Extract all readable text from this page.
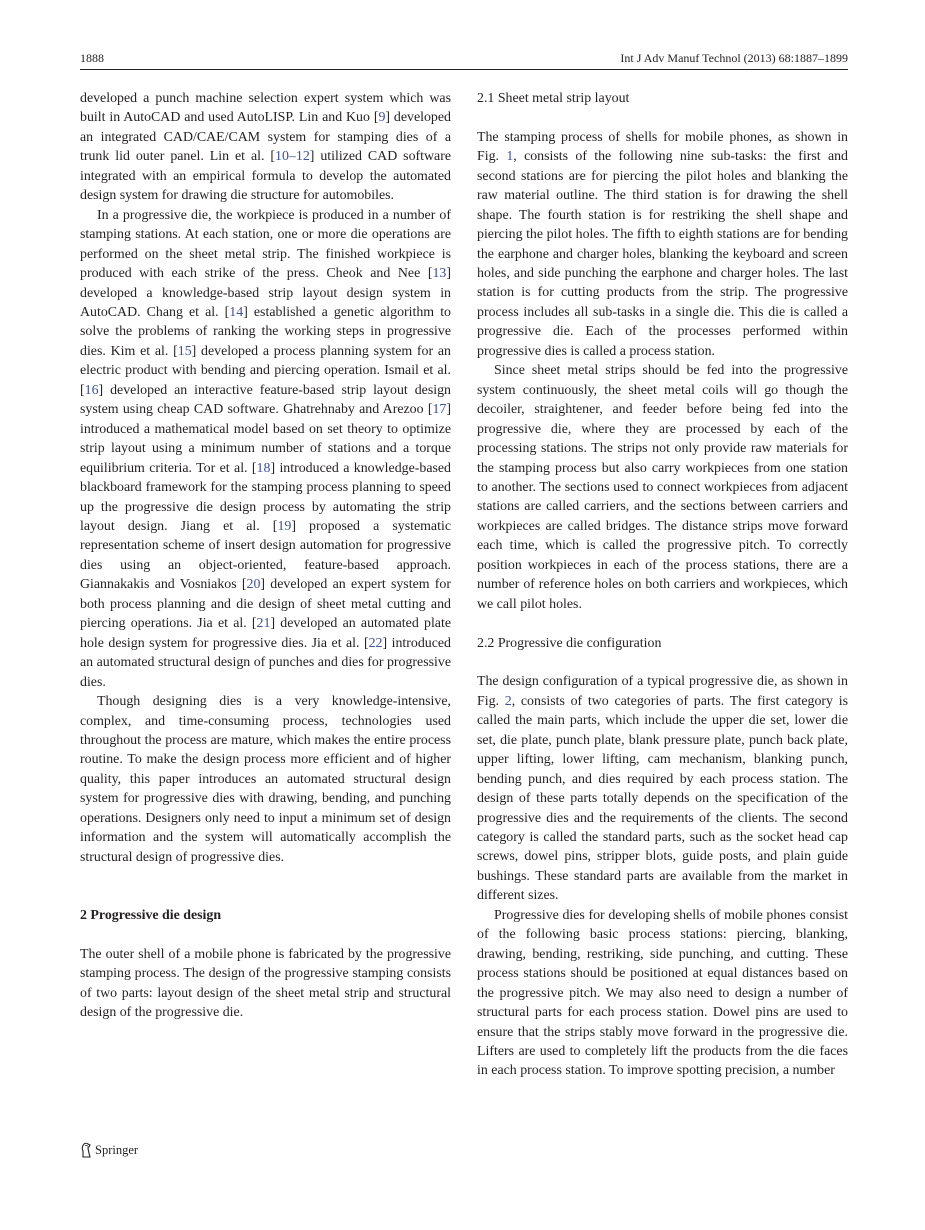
1888	Int J Adv Manuf Technol (2013) 68:1887–1899

developed a punch machine selection expert system which was built in AutoCAD and used AutoLISP. Lin and Kuo [9] developed an integrated CAD/CAE/CAM system for stamping dies of a trunk lid outer panel. Lin et al. [10–12] utilized CAD software integrated with an empirical formula to develop the automated design system for drawing die structure for automobiles.

In a progressive die, the workpiece is produced in a number of stamping stations. At each station, one or more die operations are performed on the sheet metal strip. The finished workpiece is produced with each strike of the press. Cheok and Nee [13] developed a knowledge-based strip layout design system in AutoCAD. Chang et al. [14] established a genetic algorithm to solve the problems of ranking the working steps in progressive dies. Kim et al. [15] developed a process planning system for an electric product with bending and piercing operation. Ismail et al. [16] developed an interactive feature-based strip layout design system using cheap CAD software. Ghatrehnaby and Arezoo [17] introduced a mathematical model based on set theory to optimize strip layout using a minimum number of stations and a torque equilibrium criteria. Tor et al. [18] introduced a knowledge-based blackboard framework for the stamping process planning to speed up the progressive die design process by automating the strip layout design. Jiang et al. [19] proposed a systematic representation scheme of insert design automation for progressive dies using an object-oriented, feature-based approach. Giannakakis and Vosniakos [20] developed an expert system for both process planning and die design of sheet metal cutting and piercing operations. Jia et al. [21] developed an automated plate hole design system for progressive dies. Jia et al. [22] introduced an automated structural design of punches and dies for progressive dies.

Though designing dies is a very knowledge-intensive, complex, and time-consuming process, technologies used throughout the process are mature, which makes the entire process routine. To make the design process more efficient and of higher quality, this paper introduces an automated structural design system for progressive dies with drawing, bending, and punching operations. Designers only need to input a minimum set of design information and the system will automatically accomplish the structural design of progressive dies.

2 Progressive die design

The outer shell of a mobile phone is fabricated by the progressive stamping process. The design of the progressive stamping consists of two parts: layout design of the sheet metal strip and structural design of the progressive die.

2.1 Sheet metal strip layout

The stamping process of shells for mobile phones, as shown in Fig. 1, consists of the following nine sub-tasks: the first and second stations are for piercing the pilot holes and blanking the raw material outline. The third station is for drawing the shell shape. The fourth station is for restriking the shell shape and piercing the pilot holes. The fifth to eighth stations are for bending the earphone and charger holes, blanking the keyboard and screen holes, and side punching the earphone and charger holes. The last station is for cutting products from the strip. The progressive process includes all sub-tasks in a single die. This die is called a progressive die. Each of the processes performed within progressive dies is called a process station.

Since sheet metal strips should be fed into the progressive system continuously, the sheet metal coils will go though the decoiler, straightener, and feeder before being fed into the progressive die, where they are processed by each of the processing stations. The strips not only provide raw materials for the stamping process but also carry workpieces from one station to another. The sections used to connect workpieces from adjacent stations are called carriers, and the sections between carriers and workpieces are called bridges. The distance strips move forward each time, which is called the progressive pitch. To correctly position workpieces in each of the process stations, there are a number of reference holes on both carriers and workpieces, which we call pilot holes.

2.2 Progressive die configuration

The design configuration of a typical progressive die, as shown in Fig. 2, consists of two categories of parts. The first category is called the main parts, which include the upper die set, lower die set, die plate, punch plate, blank pressure plate, punch back plate, upper lifting, lower lifting, cam mechanism, blanking punch, bending punch, and dies required by each process station. The design of these parts totally depends on the specification of the progressive dies and the requirements of the clients. The second category is called the standard parts, such as the socket head cap screws, dowel pins, stripper blots, guide posts, and plain guide bushings. These standard parts are available from the market in different sizes.

Progressive dies for developing shells of mobile phones consist of the following basic process stations: piercing, blanking, drawing, bending, restriking, side punching, and cutting. These process stations should be positioned at equal distances based on the progressive pitch. We may also need to design a number of structural parts for each process station. Dowel pins are used to ensure that the strips stably move forward in the progressive die. Lifters are used to completely lift the products from the die faces in each process station. To improve spotting precision, a number

Springer
